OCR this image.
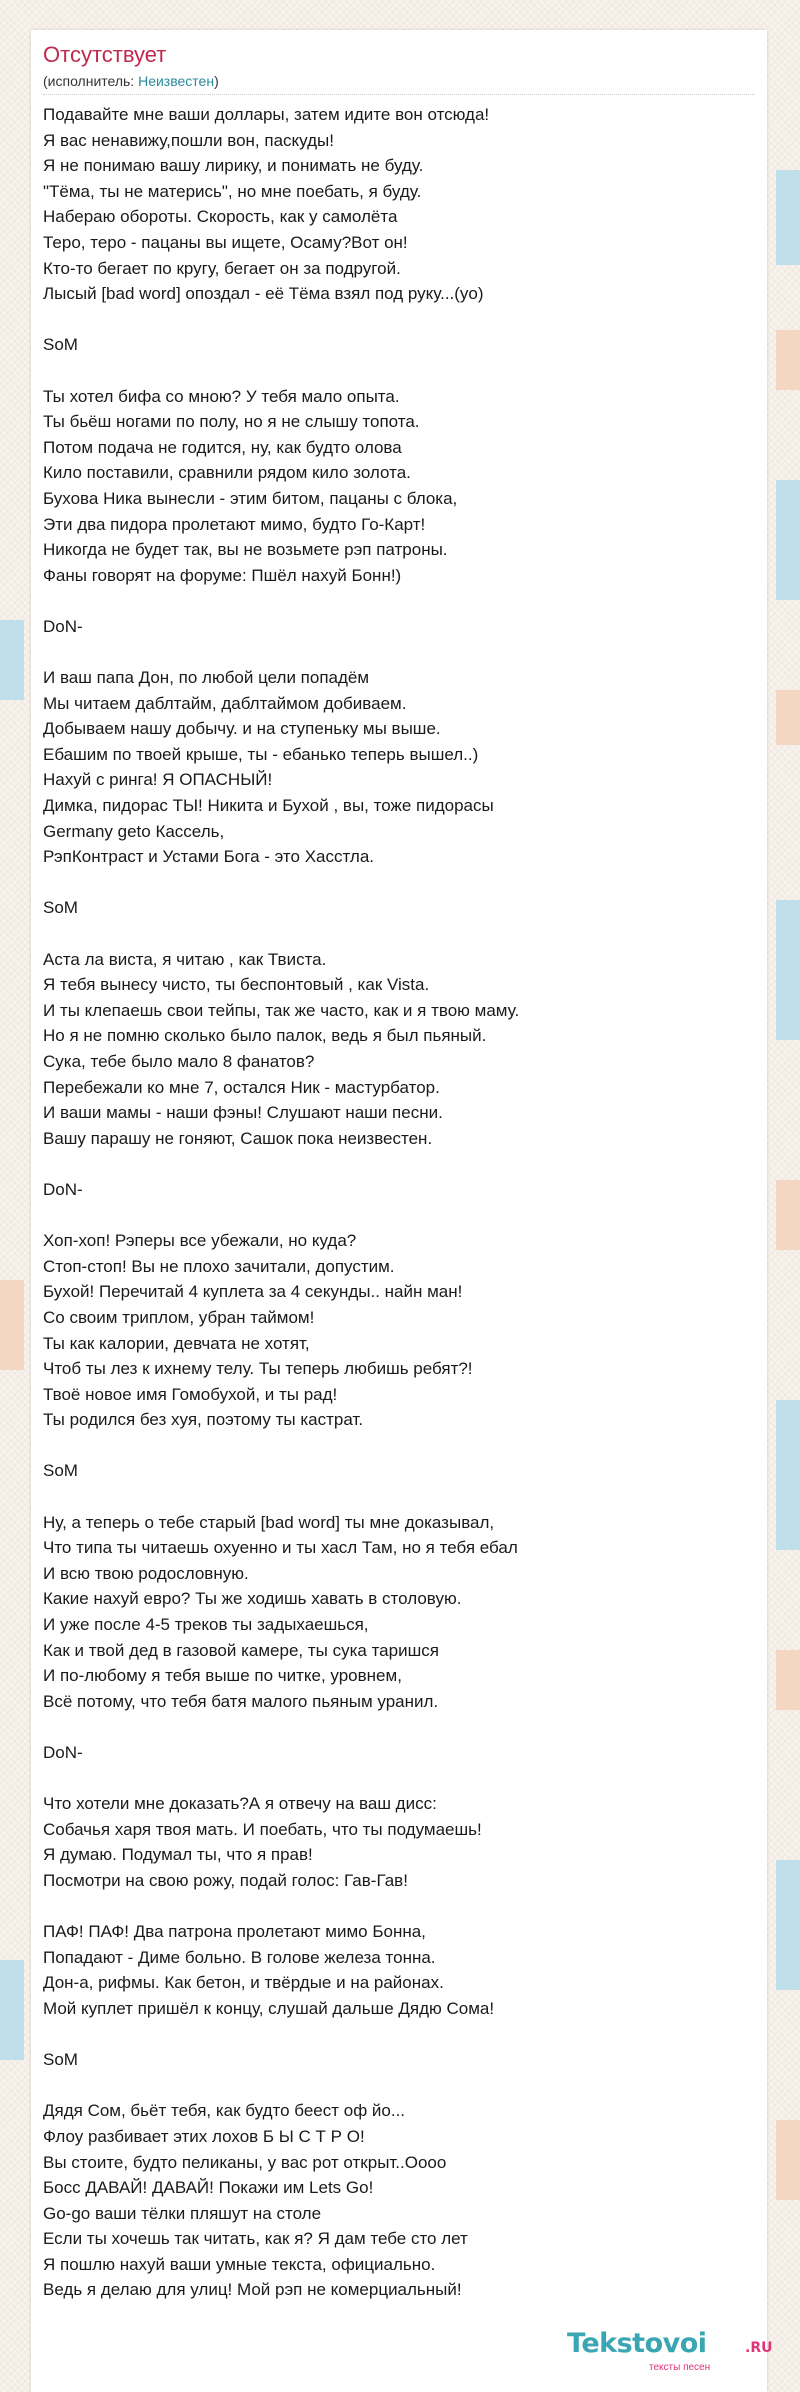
Отсутствует
(исполнитель: Неизвестен)
Подавайте мне ваши доллары, затем идите вон отсюда!
Я вас ненавижу,пошли вон, паскуды!
Я не понимаю вашу лирику, и понимать не буду.
"Тёма, ты не матерись", но мне поебать, я буду.
Набераю обороты. Скорость, как у самолёта
Теро, теро - пацаны вы ищете, Осаму?Вот он!
Кто-то бегает по кругу, бегает он за подругой.
Лысый [bad word] опоздал - её Тёма взял под руку...(yo)
SoM
Ты хотел бифа со мною? У тебя мало опыта.
Ты бьёш ногами по полу, но я не слышу топота.
Потом подача не годится, ну, как будто олова
Кило поставили, сравнили рядом кило золота.
Бухова Ника вынесли - этим битом, пацаны с блока,
Эти два пидора пролетают мимо, будто Го-Карт!
Никогда не будет так, вы не возьмете рэп патроны.
Фаны говорят на форуме: Пшёл нахуй Бонн!)
DoN-
И ваш папа Дон, по любой цели попадём
Мы читаем даблтайм, даблтаймом добиваем.
Добываем нашу добычу. и на ступеньку мы выше.
Ебашим по твоей крыше, ты - ебанько теперь вышел..)
Нахуй с ринга! Я ОПАСНЫЙ!
Димка, пидорас ТЫ! Никита и Бухой , вы, тоже пидорасы
Germany geto Кассель,
РэпКонтраст и Устами Бога - это Хасстла.
SoM
Аста ла виста, я читаю , как Твиста.
Я тебя вынесу чисто, ты беспонтовый , как Vista.
И ты клепаешь свои тейпы, так же часто, как и я твою маму.
Но я не помню сколько было палок, ведь я был пьяный.
Сука, тебе было мало 8 фанатов?
Перебежали ко мне 7, остался Ник - мастурбатор.
И ваши мамы - наши фэны! Слушают наши песни.
Вашу парашу не гоняют, Сашок пока неизвестен.
DoN-
Хоп-хоп! Рэперы все убежали, но куда?
Стоп-стоп! Вы не плохо зачитали, допустим.
Бухой! Перечитай 4 куплета за 4 секунды.. найн ман!
Со своим триплом, убран таймом!
Ты как калории, девчата не хотят,
Чтоб ты лез к ихнему телу. Ты теперь любишь ребят?!
Твоё новое имя Гомобухой, и ты рад!
Ты родился без хуя, поэтому ты кастрат.
SoM
Ну, а теперь о тебе старый [bad word] ты мне доказывал,
Что типа ты читаешь охуенно и ты хасл Там, но я тебя ебал
И всю твою родословную.
Какие нахуй евро? Ты же ходишь хавать в столовую.
И уже после 4-5 треков ты задыхаешься,
Как и твой дед в газовой камере, ты сука таришся
И по-любому я тебя выше по читке, уровнем,
Всё потому, что тебя батя малого пьяным уранил.
DoN-
Что хотели мне доказать?А я отвечу на ваш дисс:
Собачья харя твоя мать. И поебать, что ты подумаешь!
Я думаю. Подумал ты, что я прав!
Посмотри на свою рожу, подай голос: Гав-Гав!
ПАФ! ПАФ! Два патрона пролетают мимо Бонна,
Попадают - Диме больно. В голове железа тонна.
Дон-а, рифмы. Как бетон, и твёрдые и на районах.
Мой куплет пришёл к концу, слушай дальше Дядю Сома!
SoM
Дядя Сом, бьёт тебя, как будто беест оф йо...
Флоу разбивает этих лохов Б Ы С Т Р О!
Вы стоите, будто пеликаны, у вас рот открыт..Оооо
Босс ДАВАЙ! ДАВАЙ! Покажи им Lets Go!
Go-go ваши тёлки пляшут на столе
Если ты хочешь так читать, как я? Я дам тебе сто лет
Я пошлю нахуй ваши умные текста, официально.
Ведь я делаю для улиц! Мой рэп не комерциальный!
Tekstovoi	.RU
тексты песен
